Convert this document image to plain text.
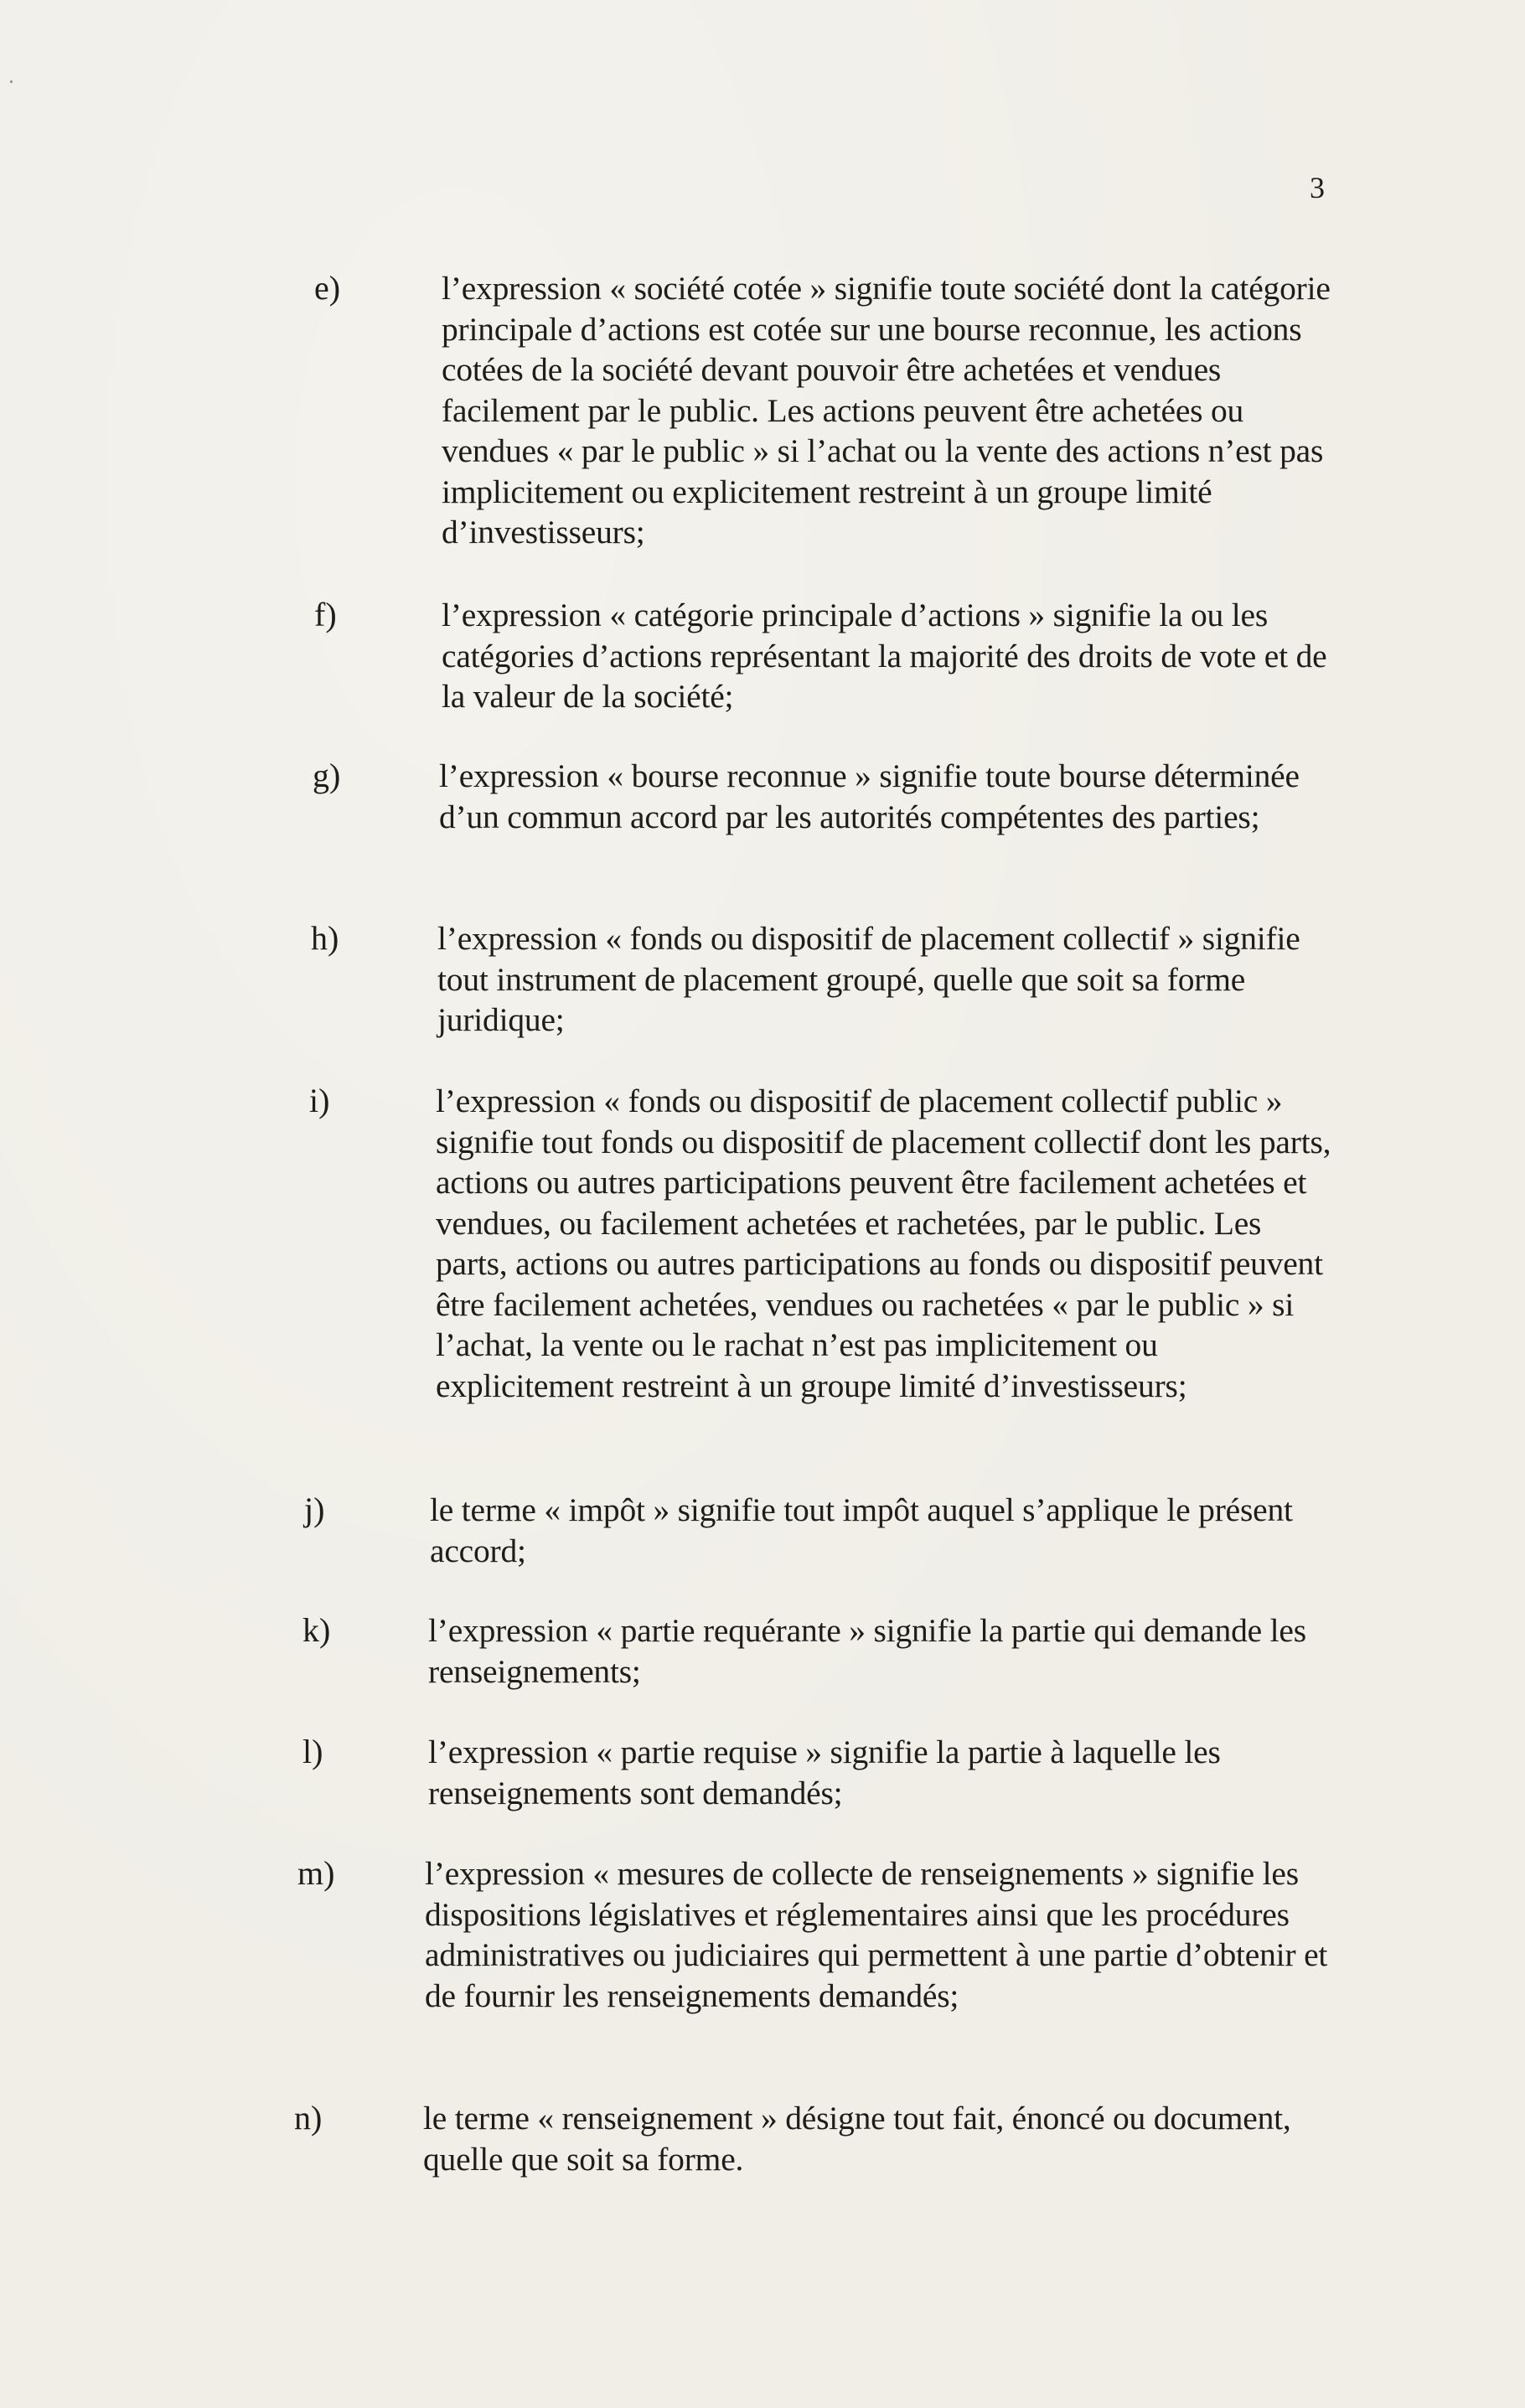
3
e)	l’expression « société cotée » signifie toute société dont la catégorie principale d’actions est cotée sur une bourse reconnue, les actions cotées de la société devant pouvoir être achetées et vendues facilement par le public. Les actions peuvent être achetées ou vendues « par le public » si l’achat ou la vente des actions n’est pas implicitement ou explicitement restreint à un groupe limité d’investisseurs;
f)	l’expression « catégorie principale d’actions » signifie la ou les catégories d’actions représentant la majorité des droits de vote et de la valeur de la société;
g)	l’expression « bourse reconnue » signifie toute bourse déterminée d’un commun accord par les autorités compétentes des parties;
h)	l’expression « fonds ou dispositif de placement collectif » signifie tout instrument de placement groupé, quelle que soit sa forme juridique;
i)	l’expression « fonds ou dispositif de placement collectif public » signifie tout fonds ou dispositif de placement collectif dont les parts, actions ou autres participations peuvent être facilement achetées et vendues, ou facilement achetées et rachetées, par le public. Les parts, actions ou autres participations au fonds ou dispositif peuvent être facilement achetées, vendues ou rachetées « par le public » si l’achat, la vente ou le rachat n’est pas implicitement ou explicitement restreint à un groupe limité d’investisseurs;
j)	le terme « impôt » signifie tout impôt auquel s’applique le présent accord;
k)	l’expression « partie requérante » signifie la partie qui demande les renseignements;
l)	l’expression « partie requise » signifie la partie à laquelle les renseignements sont demandés;
m)	l’expression « mesures de collecte de renseignements » signifie les dispositions législatives et réglementaires ainsi que les procédures administratives ou judiciaires qui permettent à une partie d’obtenir et de fournir les renseignements demandés;
n)	le terme « renseignement » désigne tout fait, énoncé ou document, quelle que soit sa forme.
